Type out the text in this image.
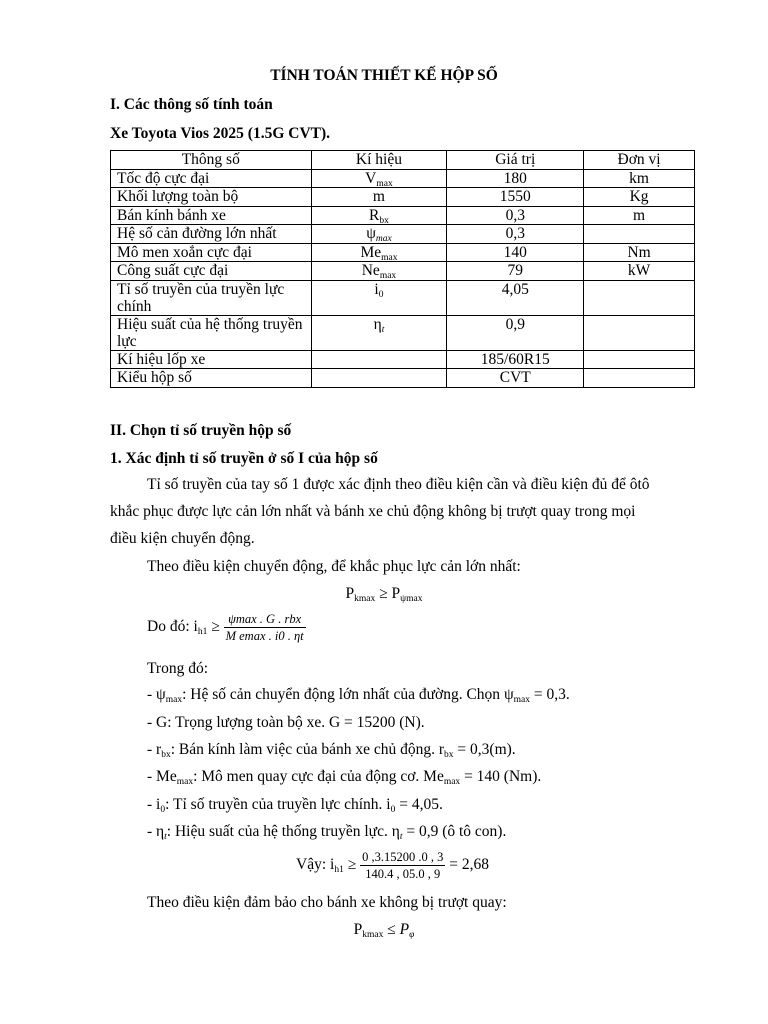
TÍNH TOÁN THIẾT KẾ HỘP SỐ
I. Các thông số tính toán
Xe Toyota Vios 2025 (1.5G CVT).
Thông số	Kí hiệu	Giá trị	Đơn vị
Tốc độ cực đại	$V_{max}$	180	km
Khối lượng toàn bộ	m	1550	Kg
Bán kính bánh xe	$R_{bx}$	0,3	m
Hệ số cản đường lớn nhất	$\psi_{max}$	0,3	
Mô men xoắn cực đại	$Me_{max}$	140	Nm
Công suất cực đại	$Ne_{max}$	79	kW
Tỉ số truyền của truyền lực chính	$i_0$	4,05	
Hiệu suất của hệ thống truyền lực	$\eta_t$	0,9	
Kí hiệu lốp xe		185/60R15	
Kiểu hộp số		CVT	
II. Chọn tỉ số truyền hộp số
1. Xác định tỉ số truyền ở số I của hộp số
Tỉ số truyền của tay số 1 được xác định theo điều kiện cần và điều kiện đủ để ôtô
khắc phục được lực cản lớn nhất và bánh xe chủ động không bị trượt quay trong mọi
điều kiện chuyển động.
Theo điều kiện chuyển động, để khắc phục lực cản lớn nhất:
$P_{kmax} \ge P_{\psi max}$
Do đó: $i_{h1} \ge \frac{\text{ψmax . G . rbx}}{\text{M emax . i0 . ηt}}$
Trong đó:
- $\psi_{max}$: Hệ số cản chuyển động lớn nhất của đường. Chọn $\psi_{max} = 0,3$.
- G: Trọng lượng toàn bộ xe. G = 15200 (N).
- $r_{bx}$: Bán kính làm việc của bánh xe chủ động. $r_{bx} = 0,3(m)$.
- $Me_{max}$: Mô men quay cực đại của động cơ. $Me_{max} = 140$ (Nm).
- $i_0$: Tỉ số truyền của truyền lực chính. $i_0 = 4,05$.
- $\eta_t$: Hiệu suất của hệ thống truyền lực. $\eta_t = 0,9$ (ô tô con).
Vậy: $i_{h1} \ge \frac{0 ,3.15200 .0 , 3}{140.4 , 05.0 , 9} = 2,68$
Theo điều kiện đảm bảo cho bánh xe không bị trượt quay:
$P_{kmax} \le P_\varphi$
